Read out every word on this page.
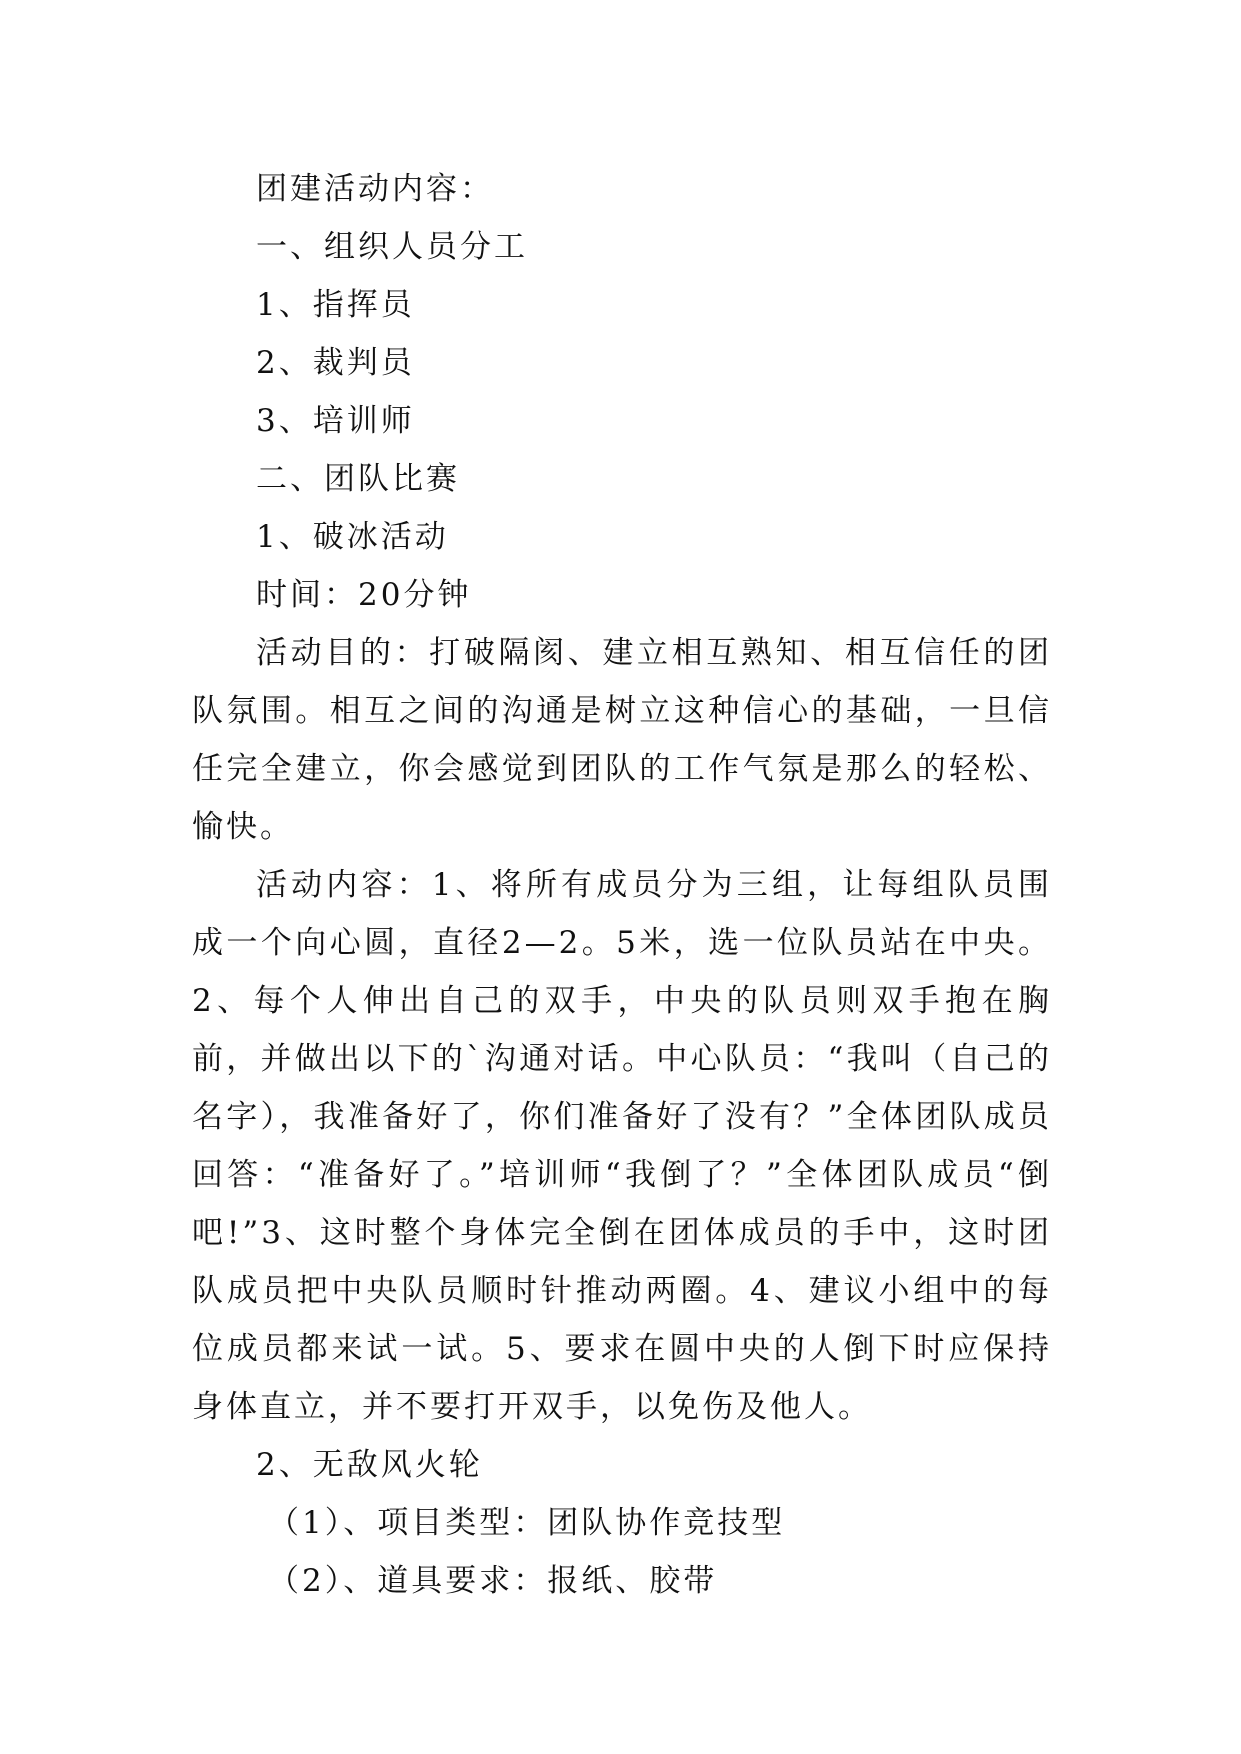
团建活动内容：
一、组织人员分工
1、指挥员
2、裁判员
3、培训师
二、团队比赛
1、破冰活动
时间：20分钟

活动目的：打破隔阂、建立相互熟知、相互信任的团队氛围。相互之间的沟通是树立这种信心的基础，一旦信任完全建立，你会感觉到团队的工作气氛是那么的轻松、愉快。

活动内容：1、将所有成员分为三组，让每组队员围成一个向心圆，直径2—2。5米，选一位队员站在中央。2、每个人伸出自己的双手，中央的队员则双手抱在胸前，并做出以下的`沟通对话。中心队员：“我叫（自己的名字），我准备好了，你们准备好了没有？”全体团队成员回答：“准备好了。”培训师“我倒了？”全体团队成员“倒吧!”3、这时整个身体完全倒在团体成员的手中，这时团队成员把中央队员顺时针推动两圈。4、建议小组中的每位成员都来试一试。5、要求在圆中央的人倒下时应保持身体直立，并不要打开双手，以免伤及他人。

2、无敌风火轮
（1）、项目类型：团队协作竞技型
（2）、道具要求：报纸、胶带
